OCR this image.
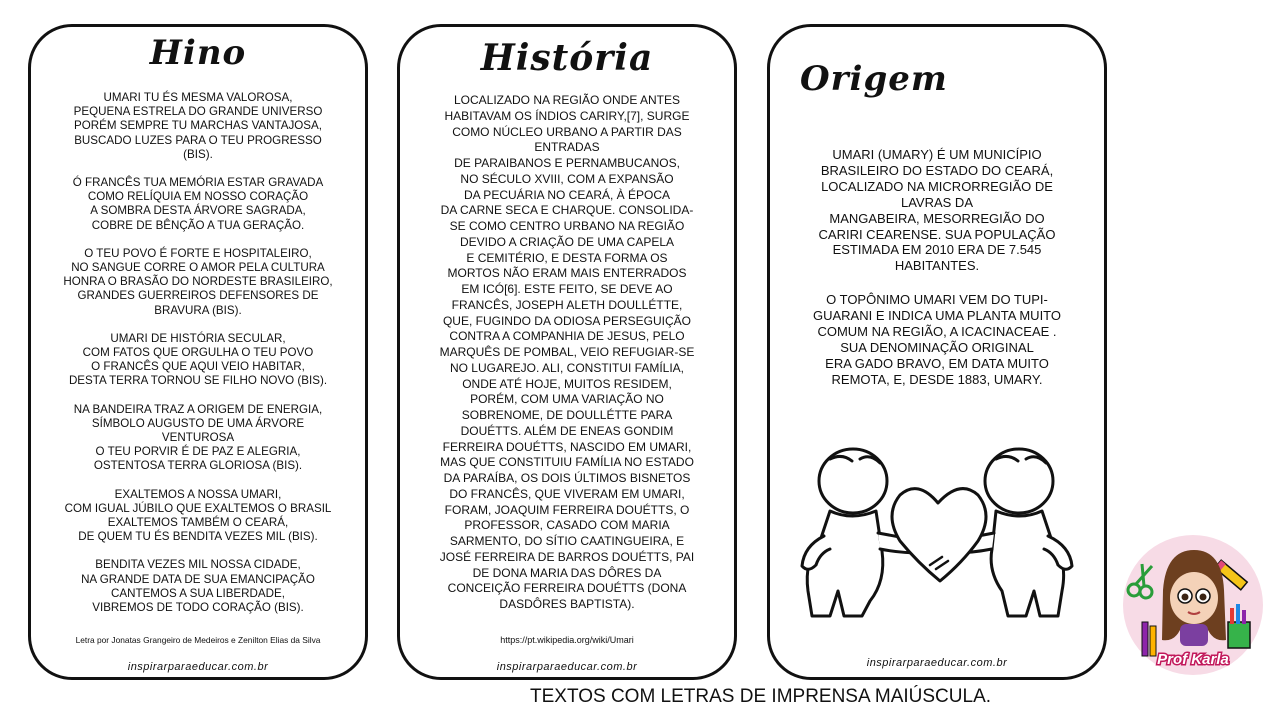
Hino
UMARI TU ÉS MESMA VALOROSA,
PEQUENA ESTRELA DO GRANDE UNIVERSO
PORÉM SEMPRE TU MARCHAS VANTAJOSA,
BUSCADO LUZES PARA O TEU PROGRESSO
(BIS).
Ó FRANCÊS TUA MEMÓRIA ESTAR GRAVADA
COMO RELÍQUIA EM NOSSO CORAÇÃO
A SOMBRA DESTA ÁRVORE SAGRADA,
COBRE DE BÊNÇÃO A TUA GERAÇÃO.
O TEU POVO É FORTE E HOSPITALEIRO,
NO SANGUE CORRE O AMOR PELA CULTURA
HONRA O BRASÃO DO NORDESTE BRASILEIRO,
GRANDES GUERREIROS DEFENSORES DE
BRAVURA (BIS).
UMARI DE HISTÓRIA SECULAR,
COM FATOS QUE ORGULHA O TEU POVO
O FRANCÊS QUE AQUI VEIO HABITAR,
DESTA TERRA TORNOU SE FILHO NOVO (BIS).
NA BANDEIRA TRAZ A ORIGEM DE ENERGIA,
SÍMBOLO AUGUSTO DE UMA ÁRVORE
VENTUROSA
O TEU PORVIR É DE PAZ E ALEGRIA,
OSTENTOSA TERRA GLORIOSA (BIS).
EXALTEMOS A NOSSA UMARI,
COM IGUAL JÚBILO QUE EXALTEMOS O BRASIL
EXALTEMOS TAMBÉM O CEARÁ,
DE QUEM TU ÉS BENDITA VEZES MIL (BIS).
BENDITA VEZES MIL NOSSA CIDADE,
NA GRANDE DATA DE SUA EMANCIPAÇÃO
CANTEMOS A SUA LIBERDADE,
VIBREMOS DE TODO CORAÇÃO (BIS).
Letra por Jonatas Grangeiro de Medeiros e Zenilton Elias da Silva
inspirarparaeducar.com.br
História
LOCALIZADO NA REGIÃO ONDE ANTES
HABITAVAM OS ÍNDIOS CARIRY,[7], SURGE
COMO NÚCLEO URBANO A PARTIR DAS
ENTRADAS
DE PARAIBANOS E PERNAMBUCANOS,
NO SÉCULO XVIII, COM A EXPANSÃO
DA PECUÁRIA NO CEARÁ, À ÉPOCA
DA CARNE SECA E CHARQUE. CONSOLIDA-
SE COMO CENTRO URBANO NA REGIÃO
DEVIDO A CRIAÇÃO DE UMA CAPELA
E CEMITÉRIO, E DESTA FORMA OS
MORTOS NÃO ERAM MAIS ENTERRADOS
EM ICÓ[6]. ESTE FEITO, SE DEVE AO
FRANCÊS, JOSEPH ALETH DOULLÉTTE,
QUE, FUGINDO DA ODIOSA PERSEGUIÇÃO
CONTRA A COMPANHIA DE JESUS, PELO
MARQUÊS DE POMBAL, VEIO REFUGIAR-SE
NO LUGAREJO. ALI, CONSTITUI FAMÍLIA,
ONDE ATÉ HOJE, MUITOS RESIDEM,
PORÉM, COM UMA VARIAÇÃO NO
SOBRENOME, DE DOULLÉTTE PARA
DOUÉTTS. ALÉM DE ENEAS GONDIM
FERREIRA DOUÉTTS, NASCIDO EM UMARI,
MAS QUE CONSTITUIU FAMÍLIA NO ESTADO
DA PARAÍBA, OS DOIS ÚLTIMOS BISNETOS
DO FRANCÊS, QUE VIVERAM EM UMARI,
FORAM, JOAQUIM FERREIRA DOUÉTTS, O
PROFESSOR, CASADO COM MARIA
SARMENTO, DO SÍTIO CAATINGUEIRA, E
JOSÉ FERREIRA DE BARROS DOUÉTTS, PAI
DE DONA MARIA DAS DÔRES DA
CONCEIÇÃO FERREIRA DOUÉTTS (DONA
DASDÔRES BAPTISTA).
https://pt.wikipedia.org/wiki/Umari
inspirarparaeducar.com.br
Origem
UMARI (UMARY) É UM MUNICÍPIO
BRASILEIRO DO ESTADO DO CEARÁ,
LOCALIZADO NA MICRORREGIÃO DE
LAVRAS DA
MANGABEIRA, MESORREGIÃO DO
CARIRI CEARENSE. SUA POPULAÇÃO
ESTIMADA EM 2010 ERA DE 7.545
HABITANTES.
O TOPÔNIMO UMARI VEM DO TUPI-
GUARANI E INDICA UMA PLANTA MUITO
COMUM NA REGIÃO, A ICACINACEAE .
SUA DENOMINAÇÃO ORIGINAL
ERA GADO BRAVO, EM DATA MUITO
REMOTA, E, DESDE 1883, UMARY.
inspirarparaeducar.com.br	Prof Karla
TEXTOS COM LETRAS DE IMPRENSA MAIÚSCULA.
